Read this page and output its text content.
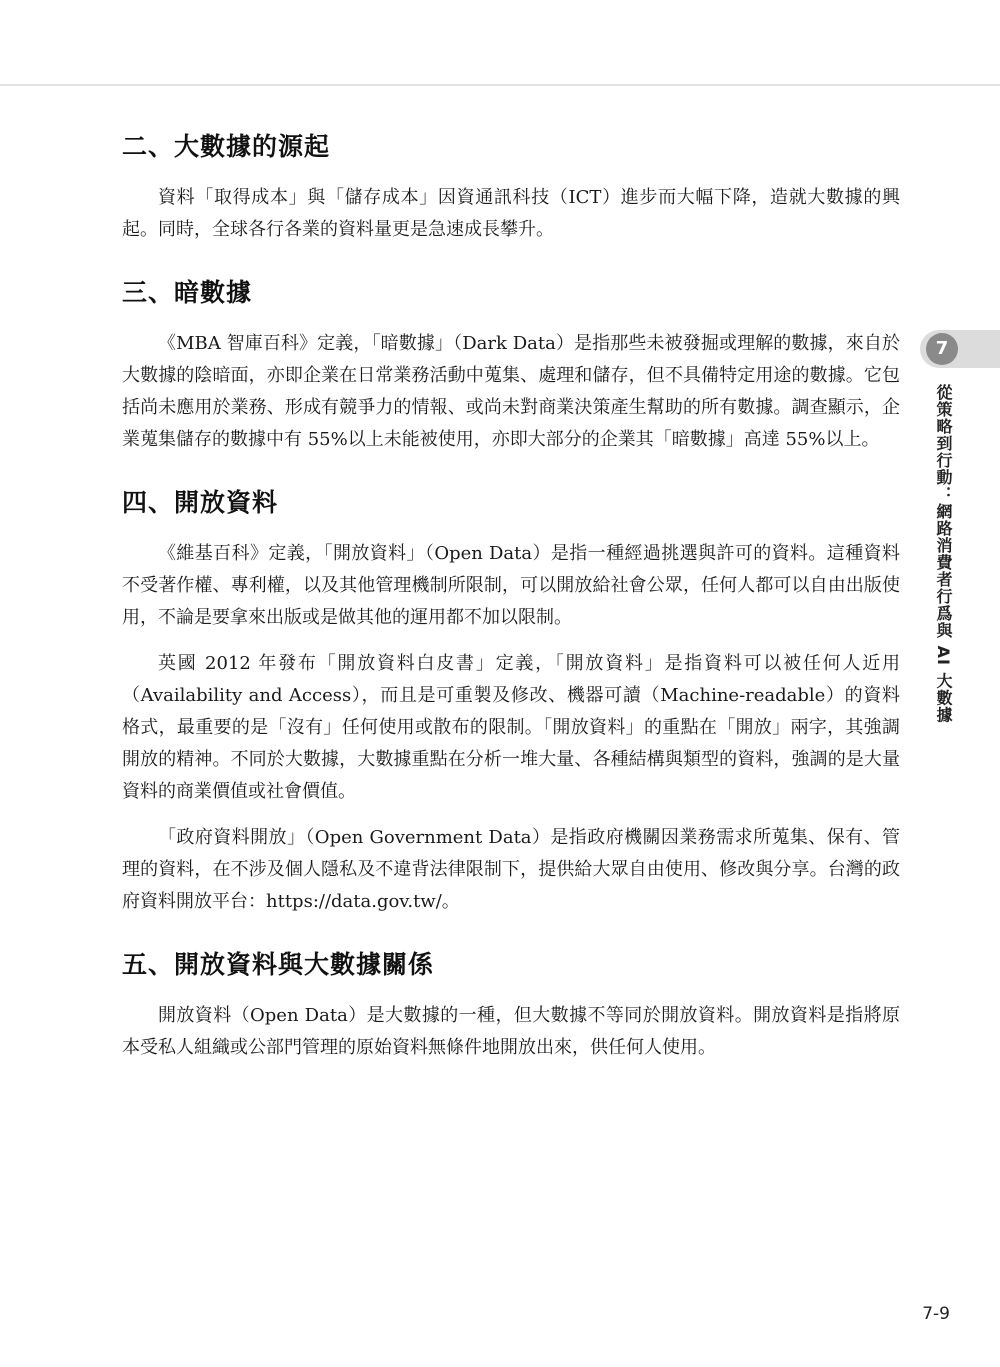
二、大數據的源起

資料「取得成本」與「儲存成本」因資通訊科技（ICT）進步而大幅下降，造就大數據的興起。同時，全球各行各業的資料量更是急速成長攀升。

三、暗數據

《MBA 智庫百科》定義，「暗數據」（Dark Data）是指那些未被發掘或理解的數據，來自於大數據的陰暗面，亦即企業在日常業務活動中蒐集、處理和儲存，但不具備特定用途的數據。它包括尚未應用於業務、形成有競爭力的情報、或尚未對商業決策產生幫助的所有數據。調查顯示，企業蒐集儲存的數據中有 55%以上未能被使用，亦即大部分的企業其「暗數據」高達 55%以上。

四、開放資料

《維基百科》定義，「開放資料」（Open Data）是指一種經過挑選與許可的資料。這種資料不受著作權、專利權，以及其他管理機制所限制，可以開放給社會公眾，任何人都可以自由出版使用，不論是要拿來出版或是做其他的運用都不加以限制。

英國 2012 年發布「開放資料白皮書」定義，「開放資料」是指資料可以被任何人近用（Availability and Access），而且是可重製及修改、機器可讀（Machine-readable）的資料格式，最重要的是「沒有」任何使用或散布的限制。「開放資料」的重點在「開放」兩字，其強調開放的精神。不同於大數據，大數據重點在分析一堆大量、各種結構與類型的資料，強調的是大量資料的商業價值或社會價值。

「政府資料開放」（Open Government Data）是指政府機關因業務需求所蒐集、保有、管理的資料，在不涉及個人隱私及不違背法律限制下，提供給大眾自由使用、修改與分享。台灣的政府資料開放平台：https://data.gov.tw/。

五、開放資料與大數據關係

開放資料（Open Data）是大數據的一種，但大數據不等同於開放資料。開放資料是指將原本受私人組織或公部門管理的原始資料無條件地開放出來，供任何人使用。

7
從策略到行動：網路消費者行爲與 AI 大數據
7-9
